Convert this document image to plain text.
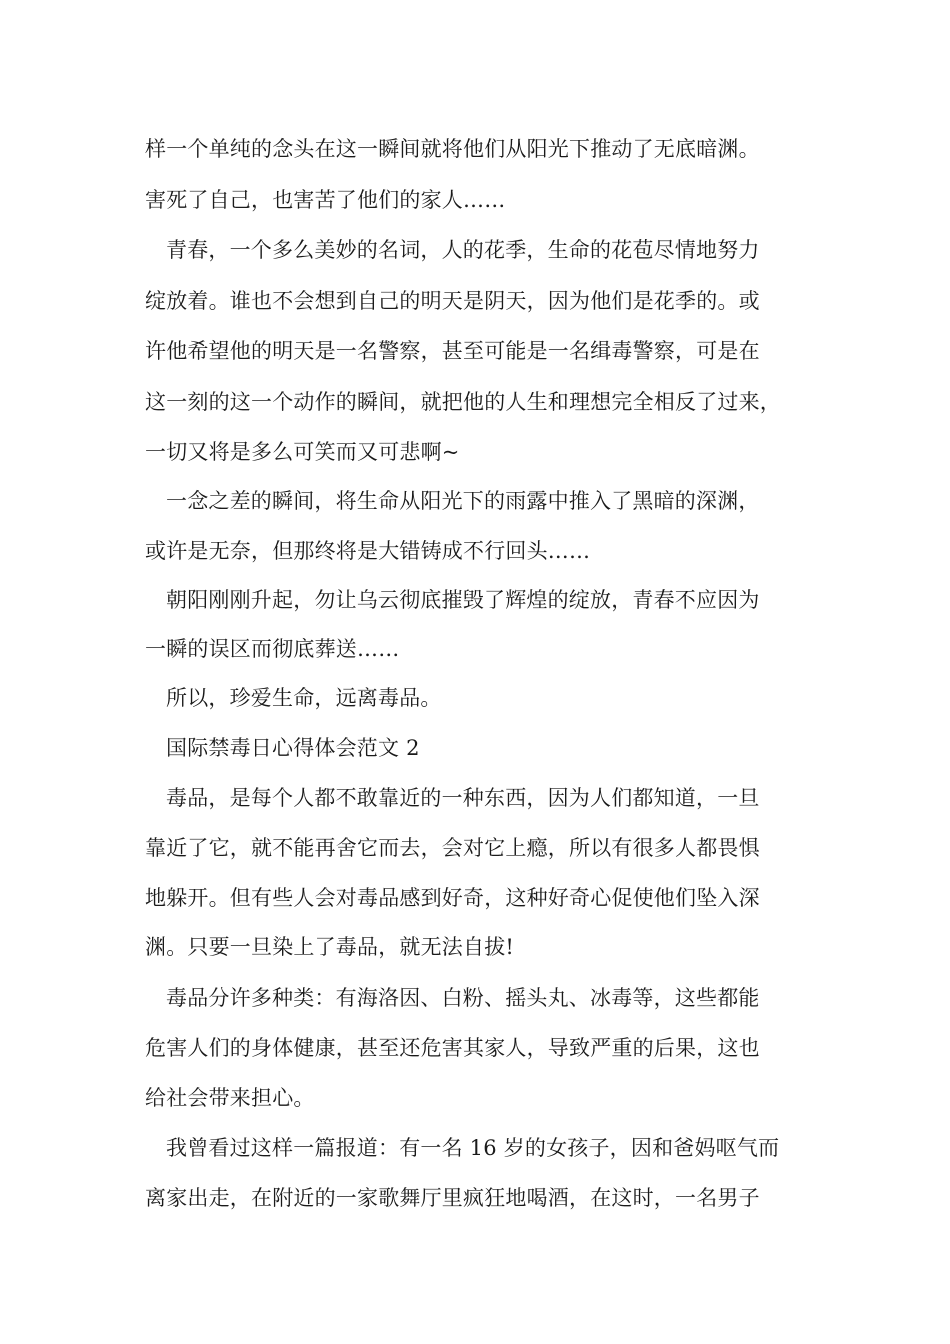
样一个单纯的念头在这一瞬间就将他们从阳光下推动了无底暗渊。

害死了自己，也害苦了他们的家人……

青春，一个多么美妙的名词，人的花季，生命的花苞尽情地努力

绽放着。谁也不会想到自己的明天是阴天，因为他们是花季的。或

许他希望他的明天是一名警察，甚至可能是一名缉毒警察，可是在

这一刻的这一个动作的瞬间，就把他的人生和理想完全相反了过来，

一切又将是多么可笑而又可悲啊~

一念之差的瞬间，将生命从阳光下的雨露中推入了黑暗的深渊，

或许是无奈，但那终将是大错铸成不行回头……

朝阳刚刚升起，勿让乌云彻底摧毁了辉煌的绽放，青春不应因为

一瞬的误区而彻底葬送……

所以，珍爱生命，远离毒品。

国际禁毒日心得体会范文 2

毒品，是每个人都不敢靠近的一种东西，因为人们都知道，一旦

靠近了它，就不能再舍它而去，会对它上瘾，所以有很多人都畏惧

地躲开。但有些人会对毒品感到好奇，这种好奇心促使他们坠入深

渊。只要一旦染上了毒品，就无法自拔!

毒品分许多种类：有海洛因、白粉、摇头丸、冰毒等，这些都能

危害人们的身体健康，甚至还危害其家人，导致严重的后果，这也

给社会带来担心。

我曾看过这样一篇报道：有一名 16 岁的女孩子，因和爸妈呕气而

离家出走，在附近的一家歌舞厅里疯狂地喝酒，在这时，一名男子
